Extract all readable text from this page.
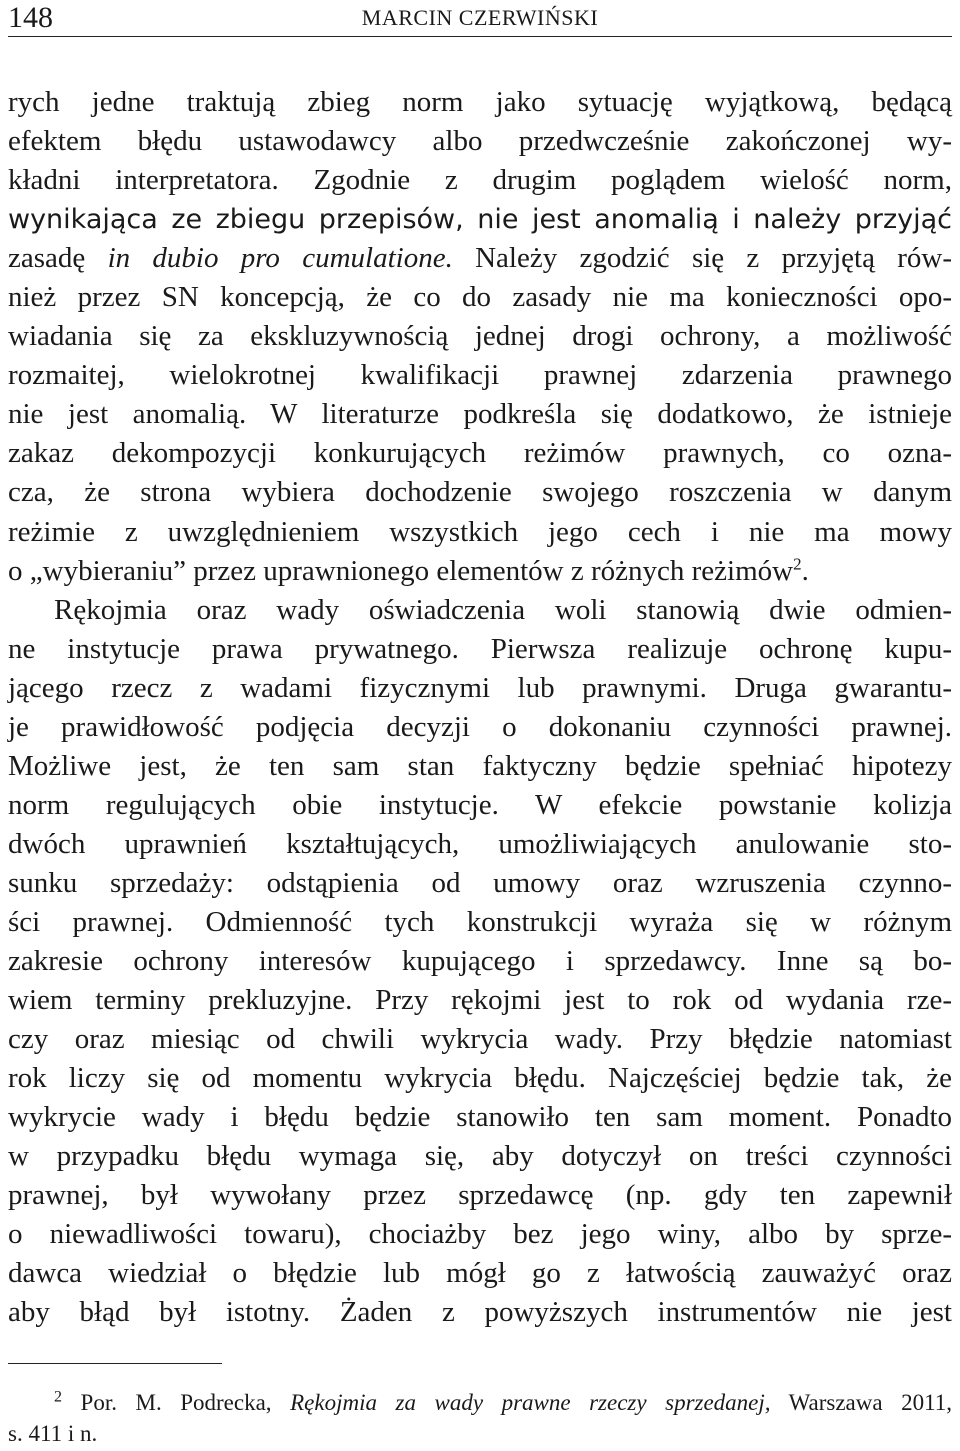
148	MARCIN CZERWIŃSKI
rych jedne traktują zbieg norm jako sytuację wyjątkową, będącą
efektem błędu ustawodawcy albo przedwcześnie zakończonej wy-
kładni interpretatora. Zgodnie z drugim poglądem wielość norm,
wynikająca ze zbiegu przepisów, nie jest anomalią i należy przyjąć
zasadę in dubio pro cumulatione. Należy zgodzić się z przyjętą rów-
nież przez SN koncepcją, że co do zasady nie ma konieczności opo-
wiadania się za ekskluzywnością jednej drogi ochrony, a możliwość
rozmaitej, wielokrotnej kwalifikacji prawnej zdarzenia prawnego
nie jest anomalią. W literaturze podkreśla się dodatkowo, że istnieje
zakaz dekompozycji konkurujących reżimów prawnych, co ozna-
cza, że strona wybiera dochodzenie swojego roszczenia w danym
reżimie z uwzględnieniem wszystkich jego cech i nie ma mowy
o „wybieraniu” przez uprawnionego elementów z różnych reżimów$^2$.
Rękojmia oraz wady oświadczenia woli stanowią dwie odmien-
ne instytucje prawa prywatnego. Pierwsza realizuje ochronę kupu-
jącego rzecz z wadami fizycznymi lub prawnymi. Druga gwarantu-
je prawidłowość podjęcia decyzji o dokonaniu czynności prawnej.
Możliwe jest, że ten sam stan faktyczny będzie spełniać hipotezy
norm regulujących obie instytucje. W efekcie powstanie kolizja
dwóch uprawnień kształtujących, umożliwiających anulowanie sto-
sunku sprzedaży: odstąpienia od umowy oraz wzruszenia czynno-
ści prawnej. Odmienność tych konstrukcji wyraża się w różnym
zakresie ochrony interesów kupującego i sprzedawcy. Inne są bo-
wiem terminy prekluzyjne. Przy rękojmi jest to rok od wydania rze-
czy oraz miesiąc od chwili wykrycia wady. Przy błędzie natomiast
rok liczy się od momentu wykrycia błędu. Najczęściej będzie tak, że
wykrycie wady i błędu będzie stanowiło ten sam moment. Ponadto
w przypadku błędu wymaga się, aby dotyczył on treści czynności
prawnej, był wywołany przez sprzedawcę (np. gdy ten zapewnił
o niewadliwości towaru), chociażby bez jego winy, albo by sprze-
dawca wiedział o błędzie lub mógł go z łatwością zauważyć oraz
aby błąd był istotny. Żaden z powyższych instrumentów nie jest
$^2$ Por. M. Podrecka, Rękojmia za wady prawne rzeczy sprzedanej, Warszawa 2011,
s. 411 i n.
